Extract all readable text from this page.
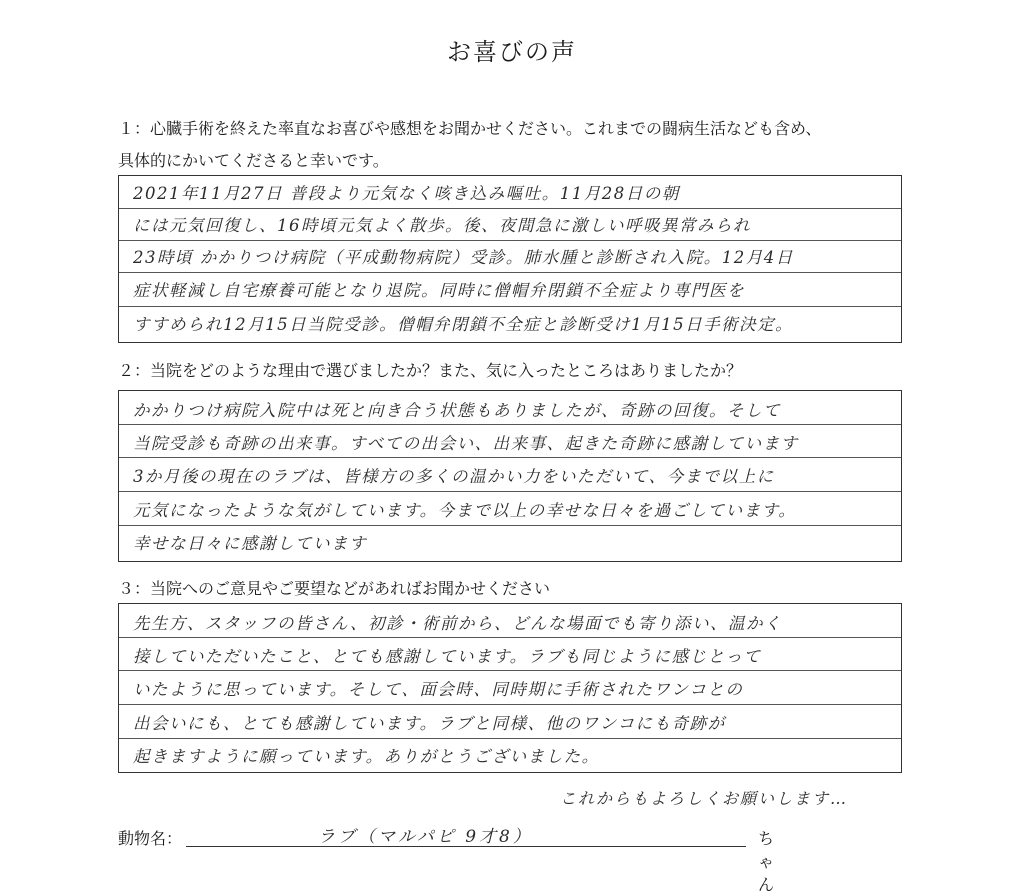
お喜びの声
１：心臓手術を終えた率直なお喜びや感想をお聞かせください。これまでの闘病生活なども含め、
具体的にかいてくださると幸いです。
2021年11月27日 普段より元気なく咳き込み嘔吐。11月28日の朝
には元気回復し、16時頃元気よく散歩。後、夜間急に激しい呼吸異常みられ
23時頃 かかりつけ病院（平成動物病院）受診。肺水腫と診断され入院。12月4日
症状軽減し自宅療養可能となり退院。同時に僧帽弁閉鎖不全症より専門医を
すすめられ12月15日当院受診。僧帽弁閉鎖不全症と診断受け1月15日手術決定。
２：当院をどのような理由で選びましたか？また、気に入ったところはありましたか？
かかりつけ病院入院中は死と向き合う状態もありましたが、奇跡の回復。そして
当院受診も奇跡の出来事。すべての出会い、出来事、起きた奇跡に感謝しています
3か月後の現在のラブは、皆様方の多くの温かい力をいただいて、今まで以上に
元気になったような気がしています。今まで以上の幸せな日々を過ごしています。
幸せな日々に感謝しています
３：当院へのご意見やご要望などがあればお聞かせください
先生方、スタッフの皆さん、初診・術前から、どんな場面でも寄り添い、温かく
接していただいたこと、とても感謝しています。ラブも同じように感じとって
いたように思っています。そして、面会時、同時期に手術されたワンコとの
出会いにも、とても感謝しています。ラブと同様、他のワンコにも奇跡が
起きますように願っています。ありがとうございました。
これからもよろしくお願いします…
動物名：	ラブ（マルパピ 9才8）	ちゃん
